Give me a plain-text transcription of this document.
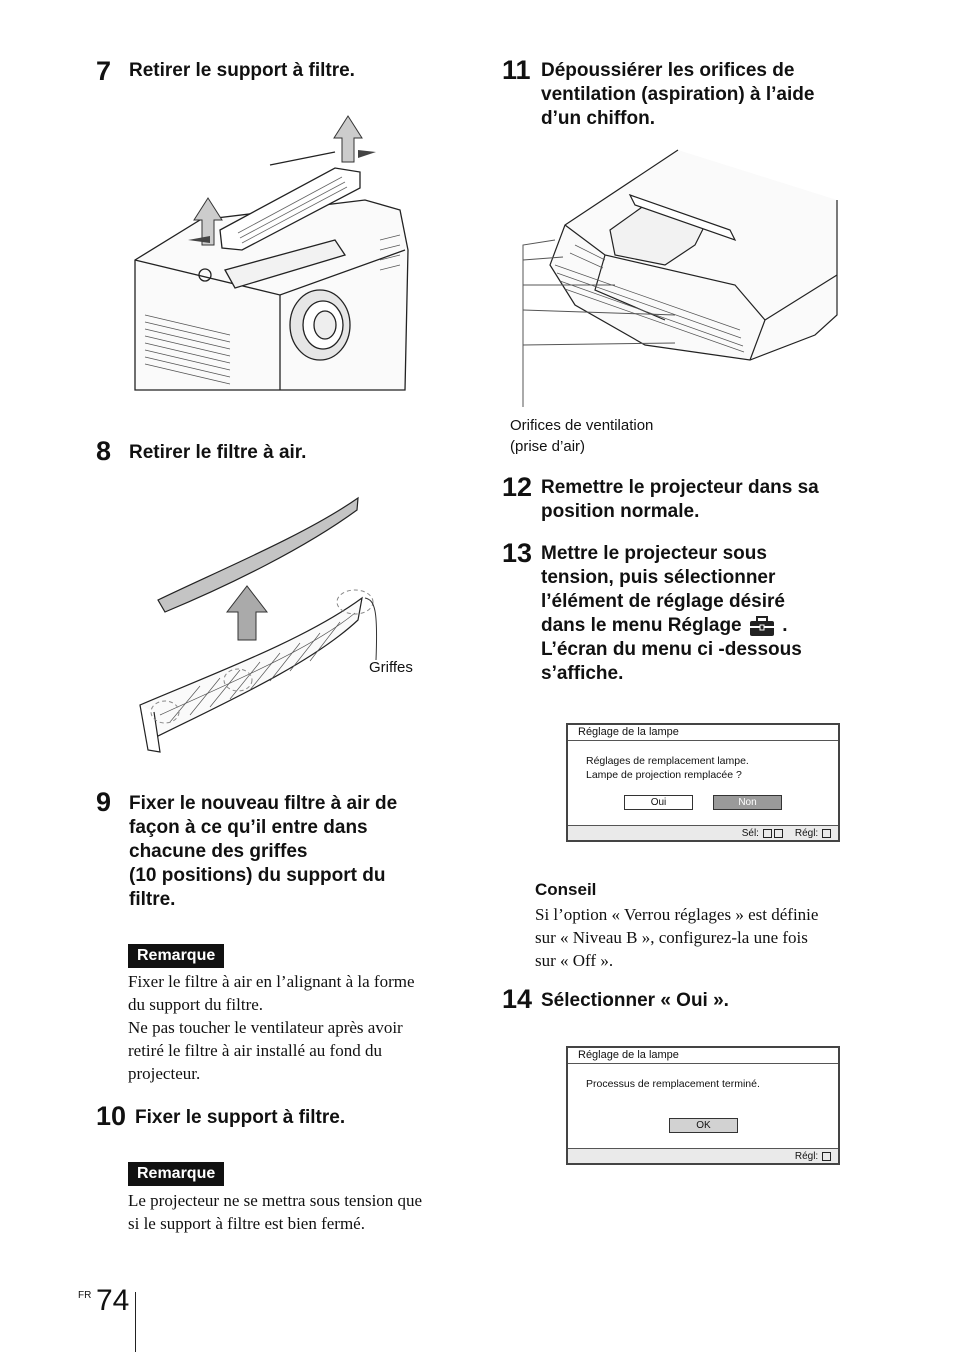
7 Retirer le support à filtre.
8 Retirer le filtre à air.
Griffes
9 Fixer le nouveau filtre à air de
façon à ce qu’il entre dans
chacune des griffes
(10 positions) du support du
filtre.
Remarque
Fixer le filtre à air en l’alignant à la forme
du support du filtre.
Ne pas toucher le ventilateur après avoir
retiré le filtre à air installé au fond du
projecteur.
10 Fixer le support à filtre.
Remarque
Le projecteur ne se mettra sous tension que
si le support à filtre est bien fermé.
FR 74
11 Dépoussiérer les orifices de
ventilation (aspiration) à l’aide
d’un chiffon.
Orifices de ventilation
(prise d’air)
12 Remettre le projecteur dans sa
position normale.
13 Mettre le projecteur sous
tension, puis sélectionner
l’élément de réglage désiré
dans le menu Réglage .
L’écran du menu ci -dessous
s’affiche.
Réglage de la lampe
Réglages de remplacement lampe.
Lampe de projection remplacée ?
Oui	Non
Sél:	Régl:
Conseil
Si l’option « Verrou réglages » est définie
sur « Niveau B », configurez-la une fois
sur « Off ».
14 Sélectionner « Oui ».
Réglage de la lampe
Processus de remplacement terminé.
OK
Régl:
